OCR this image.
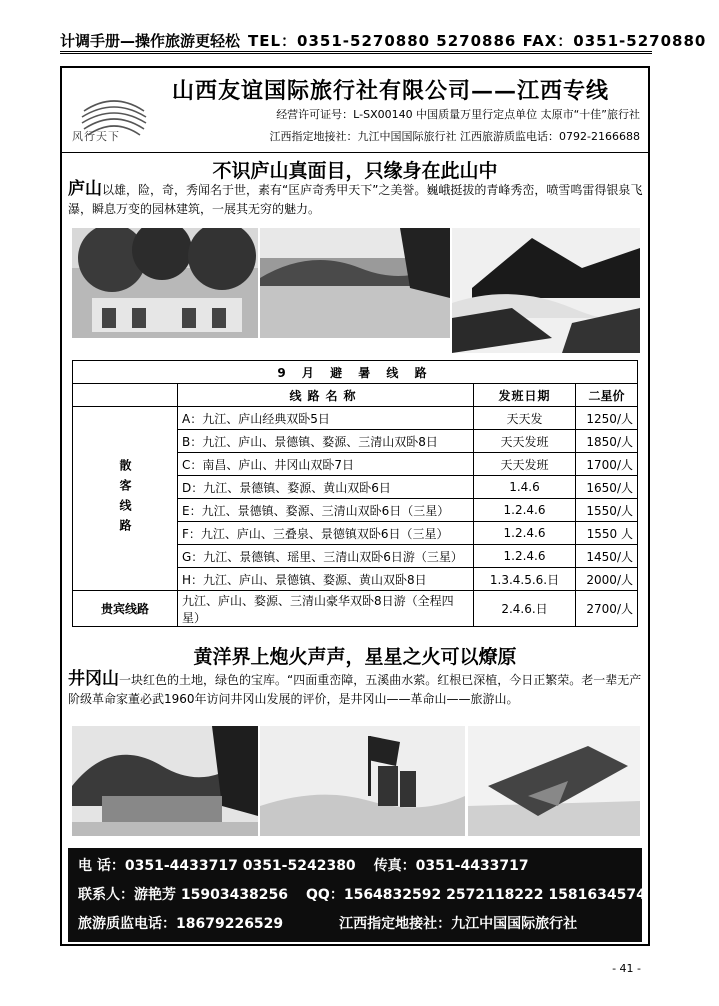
计调手册—操作旅游更轻松 TEL：0351-5270880 5270886 FAX：0351-5270880
风行天下
山西友谊国际旅行社有限公司——江西专线
经营许可证号：L-SX00140 中国质量万里行定点单位 太原市“十佳”旅行社
江西指定地接社：九江中国国际旅行社 江西旅游质监电话：0792-2166688
不识庐山真面目，只缘身在此山中
庐山以雄，险，奇，秀闻名于世，素有“匡庐奇秀甲天下”之美誉。巍峨挺拔的青峰秀峦，喷雪鸣雷得银泉飞瀑，瞬息万变的园林建筑，一展其无穷的魅力。
9 月 避 暑 线 路			
	线路名称	发班日期	二星价
散客线路	A：九江、庐山经典双卧5日	天天发	1250/人
	B：九江、庐山、景德镇、婺源、三清山双卧8日	天天发班	1850/人
	C：南昌、庐山、井冈山双卧7日	天天发班	1700/人
	D：九江、景德镇、婺源、黄山双卧6日	1.4.6	1650/人
	E：九江、景德镇、婺源、三清山双卧6日（三星）	1.2.4.6	1550/人
	F：九江、庐山、三叠泉、景德镇双卧6日（三星）	1.2.4.6	1550 人
	G：九江、景德镇、瑶里、三清山双卧6日游（三星）	1.2.4.6	1450/人
	H：九江、庐山、景德镇、婺源、黄山双卧8日	1.3.4.5.6.日	2000/人
贵宾线路	九江、庐山、婺源、三清山豪华双卧8日游（全程四星）	2.4.6.日	2700/人
黄洋界上炮火声声，星星之火可以燎原
井冈山一块红色的土地，绿色的宝库。“四面重峦障，五溪曲水萦。红根已深植，今日正繁荣。老一辈无产阶级革命家董必武1960年访问井冈山发展的评价，是井冈山——革命山——旅游山。
电 话：0351-4433717 0351-5242380 传真：0351-4433717
联系人：游艳芳 15903438256 QQ：1564832592 2572118222 1581634574
旅游质监电话：18679226529	江西指定地接社：九江中国国际旅行社
- 41 -
